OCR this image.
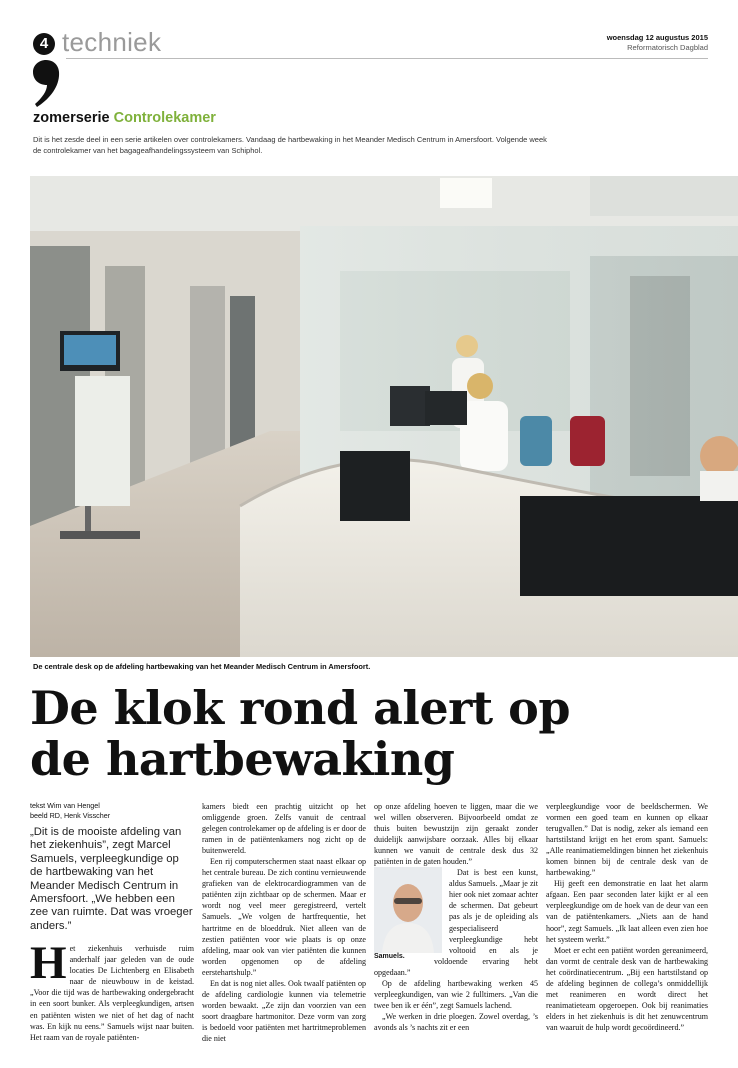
4 techniek	woensdag 12 augustus 2015
Reformatorisch Dagblad
zomerserie Controlekamer
Dit is het zesde deel in een serie artikelen over controlekamers. Vandaag de hartbewaking in het Meander Medisch Centrum in Amersfoort. Volgende week de controlekamer van het bagageafhandelingssysteem van Schiphol.
De centrale desk op de afdeling hartbewaking van het Meander Medisch Centrum in Amersfoort.
De klok rond alert op
de hartbewaking
tekst Wim van Hengel
beeld RD, Henk Visscher
„Dit is de mooiste afdeling van het ziekenhuis”, zegt Marcel Samuels, verpleegkundige op de hartbewaking van het Meander Medisch Centrum in Amersfoort. „We hebben een zee van ruimte. Dat was vroeger anders.”

Het ziekenhuis verhuisde ruim anderhalf jaar geleden van de oude locaties De Lichtenberg en Elisabeth naar de nieuwbouw in de keistad. „Voor die tijd was de hartbewaking ondergebracht in een soort bunker. Als verpleegkundigen, artsen en patiënten wisten we niet of het dag of nacht was. En kijk nu eens.” Samuels wijst naar buiten. Het raam van de royale patiënten-

kamers biedt een prachtig uitzicht op het omliggende groen. Zelfs vanuit de centraal gelegen controlekamer op de afdeling is er door de ramen in de patiëntenkamers nog zicht op de buitenwereld.

Een rij computerschermen staat naast elkaar op het centrale bureau. De zich continu vernieuwende grafieken van de elektrocardiogrammen van de patiënten zijn zichtbaar op de schermen. Maar er wordt nog veel meer geregistreerd, vertelt Samuels. „We volgen de hartfrequentie, het hartritme en de bloeddruk. Niet alleen van de zestien patiënten voor wie plaats is op onze afdeling, maar ook van vier patiënten die kunnen worden opgenomen op de afdeling eerstehartshulp.”

En dat is nog niet alles. Ook twaalf patiënten op de afdeling cardiologie kunnen via telemetrie worden bewaakt. „Ze zijn dan voorzien van een soort draagbare hartmonitor. Deze vorm van zorg is bedoeld voor patiënten met hartritmeproblemen die niet

op onze afdeling hoeven te liggen, maar die we wel willen observeren. Bijvoorbeeld omdat ze thuis buiten bewustzijn zijn geraakt zonder duidelijk aanwijsbare oorzaak. Alles bij elkaar kunnen we vanuit de centrale desk dus 32 patiënten in de gaten houden.”

Samuels.

Dat is best een kunst, aldus Samuels. „Maar je zit hier ook niet zomaar achter de schermen. Dat gebeurt pas als je de opleiding als gespecialiseerd verpleegkundige hebt voltooid en als je voldoende ervaring hebt opgedaan.”

Op de afdeling hartbewaking werken 45 verpleegkundigen, van wie 2 fulltimers. „Van die twee ben ik er één”, zegt Samuels lachend.

„We werken in drie ploegen. Zowel overdag, ’s avonds als ’s nachts zit er een

verpleegkundige voor de beeldschermen. We vormen een goed team en kunnen op elkaar terugvallen.” Dat is nodig, zeker als iemand een hartstilstand krijgt en het erom spant. Samuels: „Alle reanimatiemeldingen binnen het ziekenhuis komen binnen bij de centrale desk van de hartbewaking.”

Hij geeft een demonstratie en laat het alarm afgaan. Een paar seconden later kijkt er al een verpleegkundige om de hoek van de deur van een van de patiëntenkamers. „Niets aan de hand hoor”, zegt Samuels. „Ik laat alleen even zien hoe het systeem werkt.”

Moet er echt een patiënt worden gereanimeerd, dan vormt de centrale desk van de hartbewaking het coördinatiecentrum. „Bij een hartstilstand op de afdeling beginnen de collega’s onmiddellijk met reanimeren en wordt direct het reanimatieteam opgeroepen. Ook bij reanimaties elders in het ziekenhuis is dit het zenuwcentrum van waaruit de hulp wordt gecoördineerd.”
